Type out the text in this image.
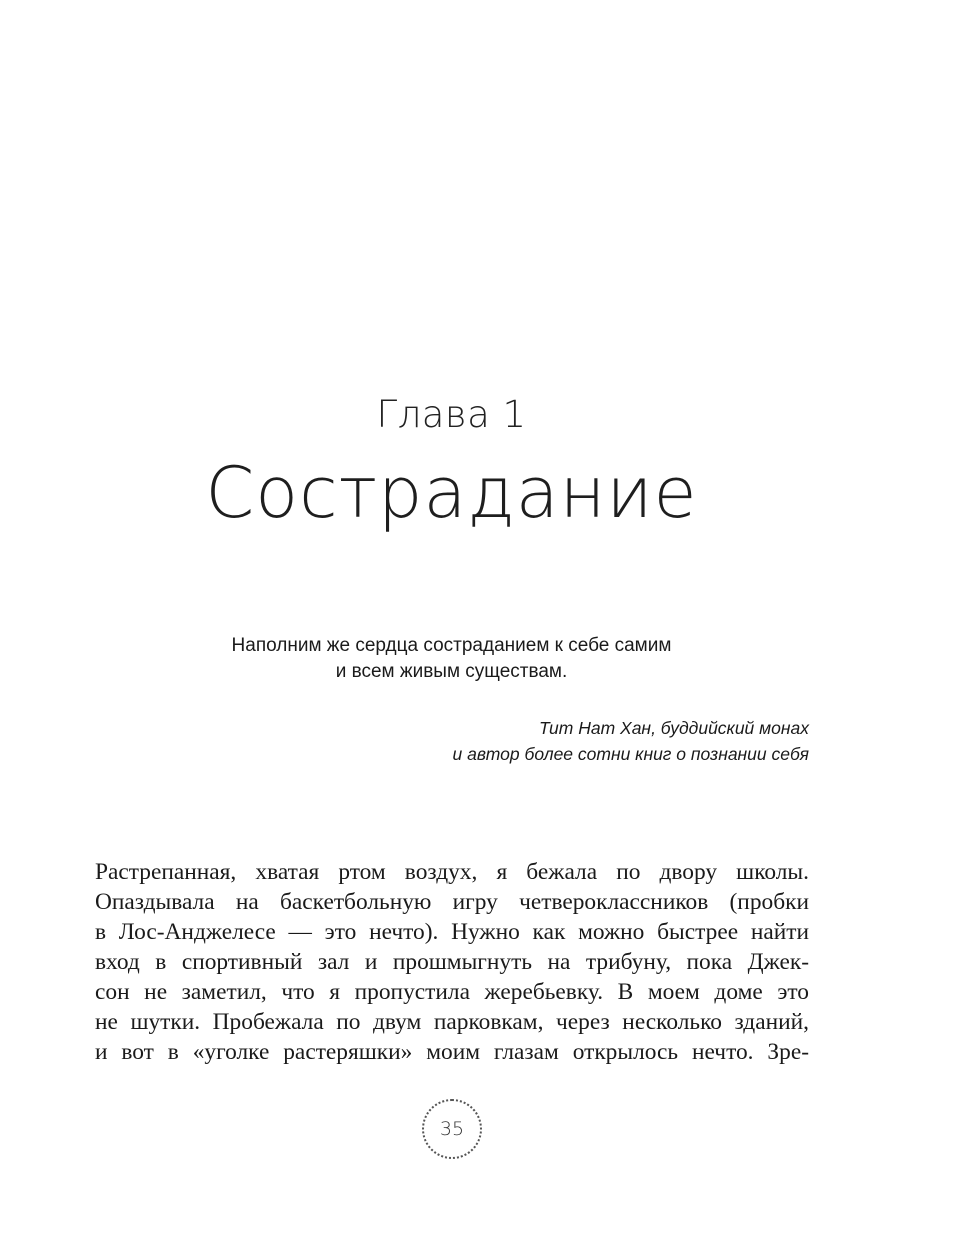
Глава 1
Сострадание
Наполним же сердца состраданием к себе самим
и всем живым существам.
Тит Нат Хан, буддийский монах
и автор более сотни книг о познании себя
Растрепанная, хватая ртом воздух, я бежала по двору школы.
Опаздывала на баскетбольную игру четвероклассников (пробки
в Лос-Анджелесе — это нечто). Нужно как можно быстрее найти
вход в спортивный зал и прошмыгнуть на трибуну, пока Джек-
сон не заметил, что я пропустила жеребьевку. В моем доме это
не шутки. Пробежала по двум парковкам, через несколько зданий,
и вот в «уголке растеряшки» моим глазам открылось нечто. Зре-
35
